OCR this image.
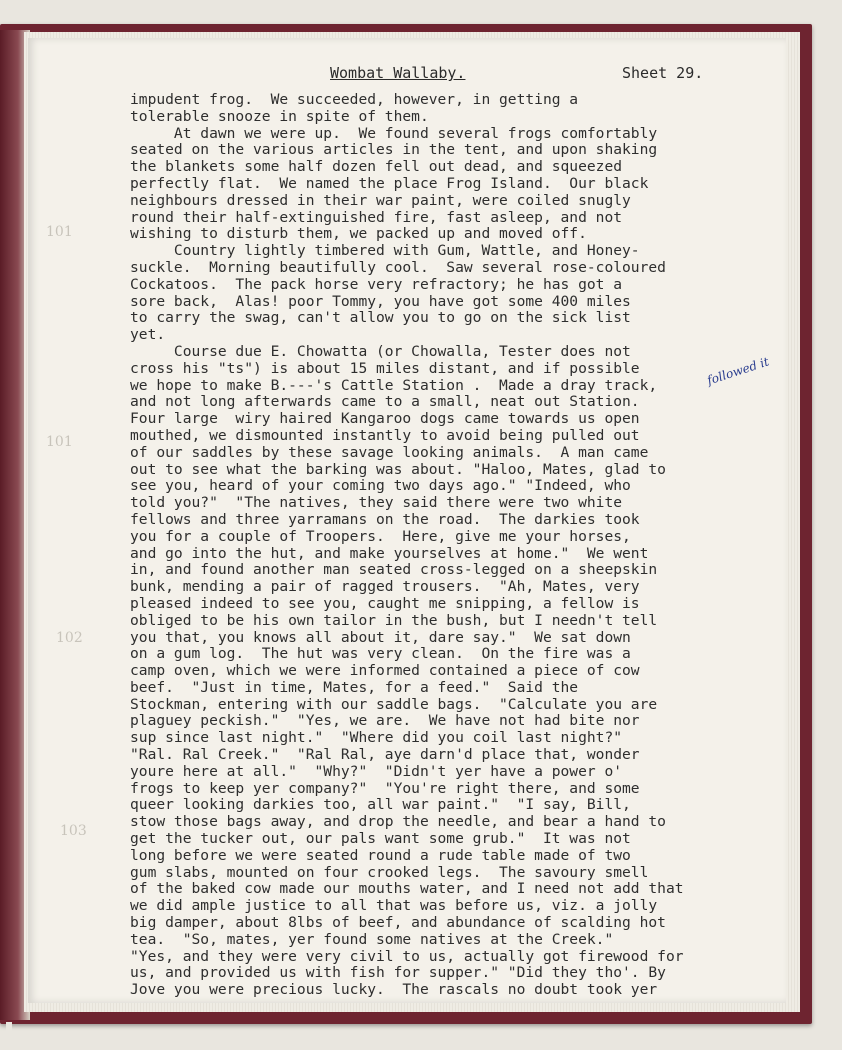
Wombat Wallaby.	Sheet 29.
101
101
102
103
followed it
impudent frog.  We succeeded, however, in getting a
tolerable snooze in spite of them.
At dawn we were up.  We found several frogs comfortably
seated on the various articles in the tent, and upon shaking
the blankets some half dozen fell out dead, and squeezed
perfectly flat.  We named the place Frog Island.  Our black
neighbours dressed in their war paint, were coiled snugly
round their half-extinguished fire, fast asleep, and not
wishing to disturb them, we packed up and moved off.
Country lightly timbered with Gum, Wattle, and Honey-
suckle.  Morning beautifully cool.  Saw several rose-coloured
Cockatoos.  The pack horse very refractory; he has got a
sore back,  Alas! poor Tommy, you have got some 400 miles
to carry the swag, can't allow you to go on the sick list
yet.
Course due E. Chowatta (or Chowalla, Tester does not
cross his "ts") is about 15 miles distant, and if possible
we hope to make B.---'s Cattle Station .  Made a dray track,
and not long afterwards came to a small, neat out Station.
Four large  wiry haired Kangaroo dogs came towards us open
mouthed, we dismounted instantly to avoid being pulled out
of our saddles by these savage looking animals.  A man came
out to see what the barking was about. "Haloo, Mates, glad to
see you, heard of your coming two days ago." "Indeed, who
told you?"  "The natives, they said there were two white
fellows and three yarramans on the road.  The darkies took
you for a couple of Troopers.  Here, give me your horses,
and go into the hut, and make yourselves at home."  We went
in, and found another man seated cross-legged on a sheepskin
bunk, mending a pair of ragged trousers.  "Ah, Mates, very
pleased indeed to see you, caught me snipping, a fellow is
obliged to be his own tailor in the bush, but I needn't tell
you that, you knows all about it, dare say."  We sat down
on a gum log.  The hut was very clean.  On the fire was a
camp oven, which we were informed contained a piece of cow
beef.  "Just in time, Mates, for a feed."  Said the
Stockman, entering with our saddle bags.  "Calculate you are
plaguey peckish."  "Yes, we are.  We have not had bite nor
sup since last night."  "Where did you coil last night?"
"Ral. Ral Creek."  "Ral Ral, aye darn'd place that, wonder
youre here at all."  "Why?"  "Didn't yer have a power o'
frogs to keep yer company?"  "You're right there, and some
queer looking darkies too, all war paint."  "I say, Bill,
stow those bags away, and drop the needle, and bear a hand to
get the tucker out, our pals want some grub."  It was not
long before we were seated round a rude table made of two
gum slabs, mounted on four crooked legs.  The savoury smell
of the baked cow made our mouths water, and I need not add that
we did ample justice to all that was before us, viz. a jolly
big damper, about 8lbs of beef, and abundance of scalding hot
tea.  "So, mates, yer found some natives at the Creek."
"Yes, and they were very civil to us, actually got firewood for
us, and provided us with fish for supper." "Did they tho'. By
Jove you were precious lucky.  The rascals no doubt took yer
